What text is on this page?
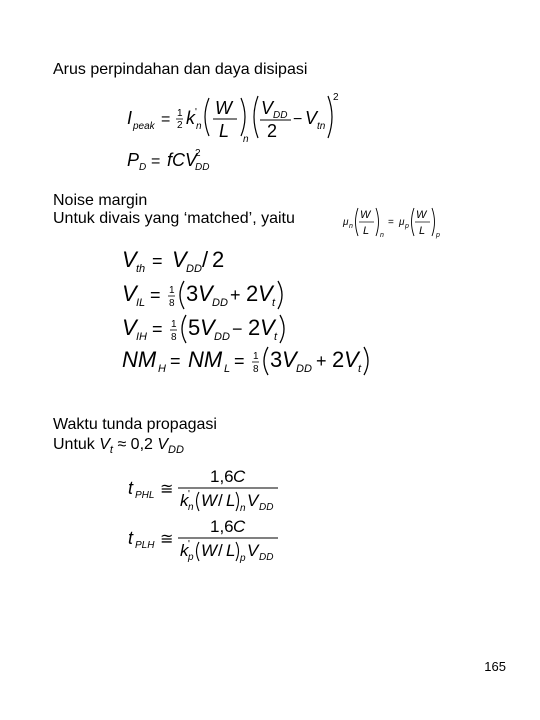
Arus perpindahan dan daya disipasi
I peak = 1
2 k '
n
W
L n
V DD
2
− V tn
2
P D = fCV
2
DD
Noise margin
Untuk divais yang ‘matched’, yaitu	μ n
W
L n
= μ p
W
L p
V th = V DD / 2
V IL = 1
8 3 V DD + 2 V t
V IH = 1
8 5 V DD − 2 V t
NM H = NM L = 1
8 3 V DD + 2 V t
Waktu tunda propagasi
Untuk $V_t \approx 0,2$ $V_{DD}$
t PHL ≅
1,6 C
k '
n W / L n V DD
t PLH ≅
1,6 C
k '
p W / L p V DD
165
